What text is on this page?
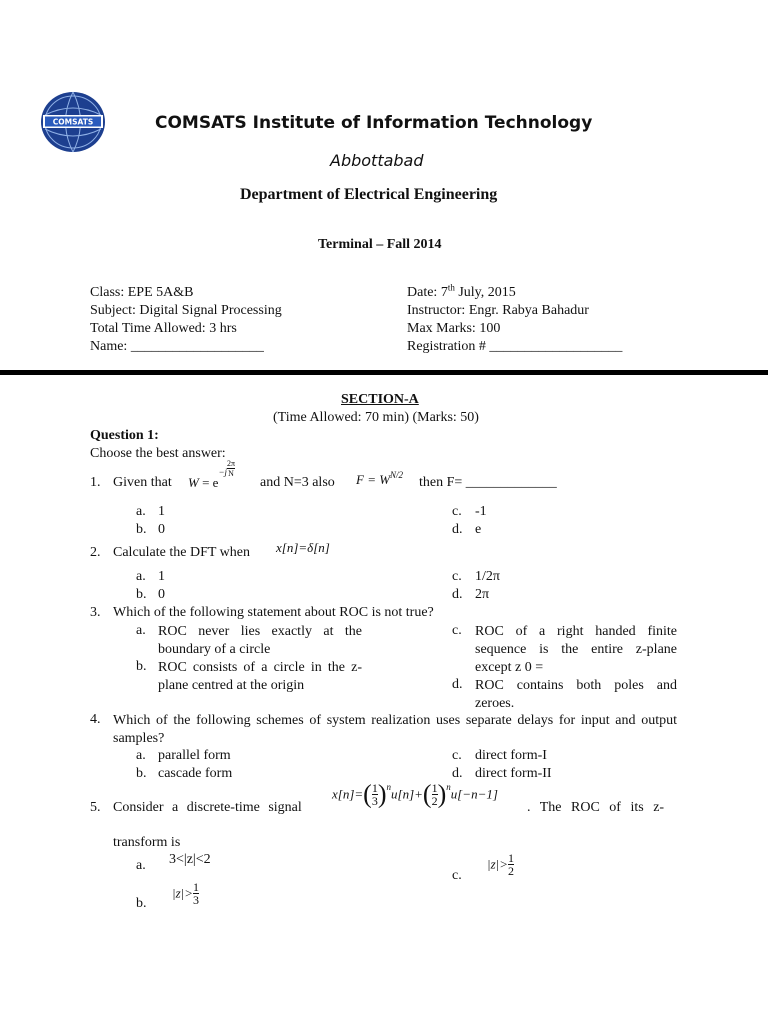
COMSATS	COMSATS Institute of Information Technology
Abbottabad
Department of Electrical Engineering
Terminal – Fall 2014
Class: EPE 5A&B
Subject: Digital Signal Processing
Total Time Allowed: 3 hrs
Name: ___________________
Date: 7th July, 2015
Instructor: Engr. Rabya Bahadur
Max Marks: 100
Registration # ___________________
SECTION-A
(Time Allowed: 70 min) (Marks: 50)
Question 1:
Choose the best answer:
1. Given that $W = e-j \frac{2\pi}{N}$
and N=3 also F = WN/2 then F= _____________
a. 1
b. 0
c. -1
d. e
2. Calculate the DFT when x[n]=δ[n]
a. 1
b. 0
c. 1/2π
d. 2π
3. Which of the following statement about ROC is not true?
a. ROC never lies exactly at the boundary of a circle
b. ROC consists of a circle in the z-plane centred at the origin
c. ROC of a right handed finite sequence is the entire z-plane except z 0 =
d. ROC contains both poles and zeroes.
4. Which of the following schemes of system realization uses separate delays for input and output samples?
a. parallel form
b. cascade form
c. direct form-I
d. direct form-II
5. Consider a discrete-time signal
$x[n]=( \frac{1}{3} )^nu[n]+( \frac{1}{2} )^nu[-n-1]$
. The ROC of its z-
transform is
a. 3<|z|<2
b.
$|z|> \frac{1}{3}$
c.
$|z|> \frac{1}{2}$
